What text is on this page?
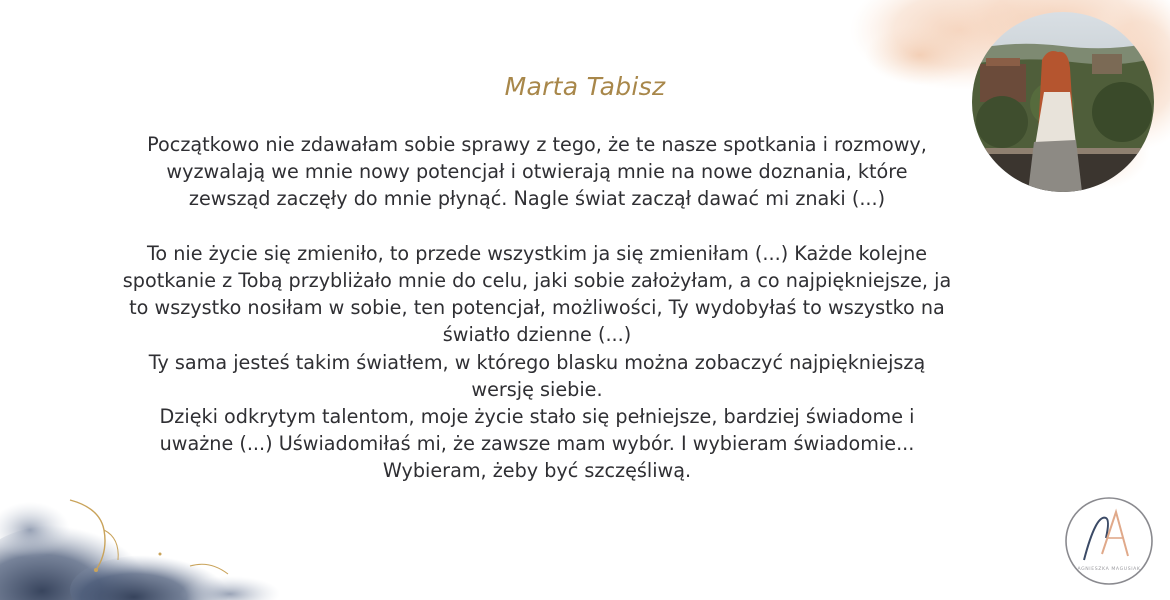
Marta Tabisz
Początkowo nie zdawałam sobie sprawy z tego, że te nasze spotkania i rozmowy,
wyzwalają we mnie nowy potencjał i otwierają mnie na nowe doznania, które
zewsząd zaczęły do mnie płynąć. Nagle świat zaczął dawać mi znaki (...)
To nie życie się zmieniło, to przede wszystkim ja się zmieniłam (...) Każde kolejne
spotkanie z Tobą przybliżało mnie do celu, jaki sobie założyłam, a co najpiękniejsze, ja
to wszystko nosiłam w sobie, ten potencjał, możliwości, Ty wydobyłaś to wszystko na
światło dzienne (...)
Ty sama jesteś takim światłem, w którego blasku można zobaczyć najpiękniejszą
wersję siebie.
Dzięki odkrytym talentom, moje życie stało się pełniejsze, bardziej świadome i
uważne (...) Uświadomiłaś mi, że zawsze mam wybór. I wybieram świadomie...
Wybieram, żeby być szczęśliwą.
AGNIESZKA MAGUSIAK
